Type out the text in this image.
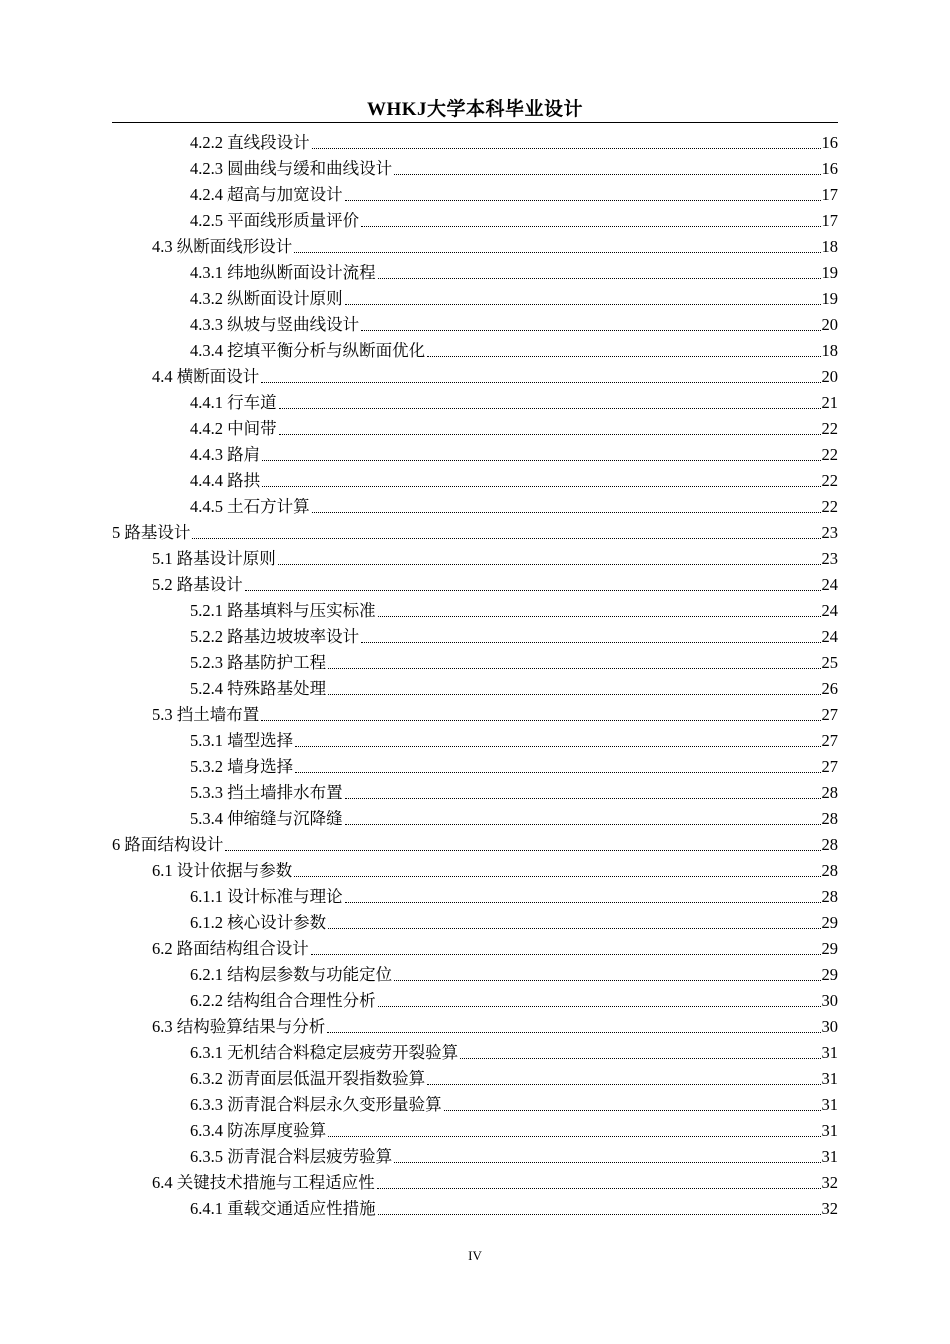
WHKJ大学本科毕业设计
4.2.2 直线段设计	16
4.2.3 圆曲线与缓和曲线设计	16
4.2.4 超高与加宽设计	17
4.2.5 平面线形质量评价	17
4.3 纵断面线形设计	18
4.3.1 纬地纵断面设计流程	19
4.3.2 纵断面设计原则	19
4.3.3 纵坡与竖曲线设计	20
4.3.4 挖填平衡分析与纵断面优化	18
4.4 横断面设计	20
4.4.1 行车道	21
4.4.2 中间带	22
4.4.3 路肩	22
4.4.4 路拱	22
4.4.5 土石方计算	22
5 路基设计	23
5.1 路基设计原则	23
5.2 路基设计	24
5.2.1 路基填料与压实标准	24
5.2.2 路基边坡坡率设计	24
5.2.3 路基防护工程	25
5.2.4 特殊路基处理	26
5.3 挡土墙布置	27
5.3.1 墙型选择	27
5.3.2 墙身选择	27
5.3.3 挡土墙排水布置	28
5.3.4 伸缩缝与沉降缝	28
6 路面结构设计	28
6.1 设计依据与参数	28
6.1.1 设计标准与理论	28
6.1.2 核心设计参数	29
6.2 路面结构组合设计	29
6.2.1 结构层参数与功能定位	29
6.2.2 结构组合合理性分析	30
6.3 结构验算结果与分析	30
6.3.1 无机结合料稳定层疲劳开裂验算	31
6.3.2 沥青面层低温开裂指数验算	31
6.3.3 沥青混合料层永久变形量验算	31
6.3.4 防冻厚度验算	31
6.3.5 沥青混合料层疲劳验算	31
6.4 关键技术措施与工程适应性	32
6.4.1 重载交通适应性措施	32
IV
